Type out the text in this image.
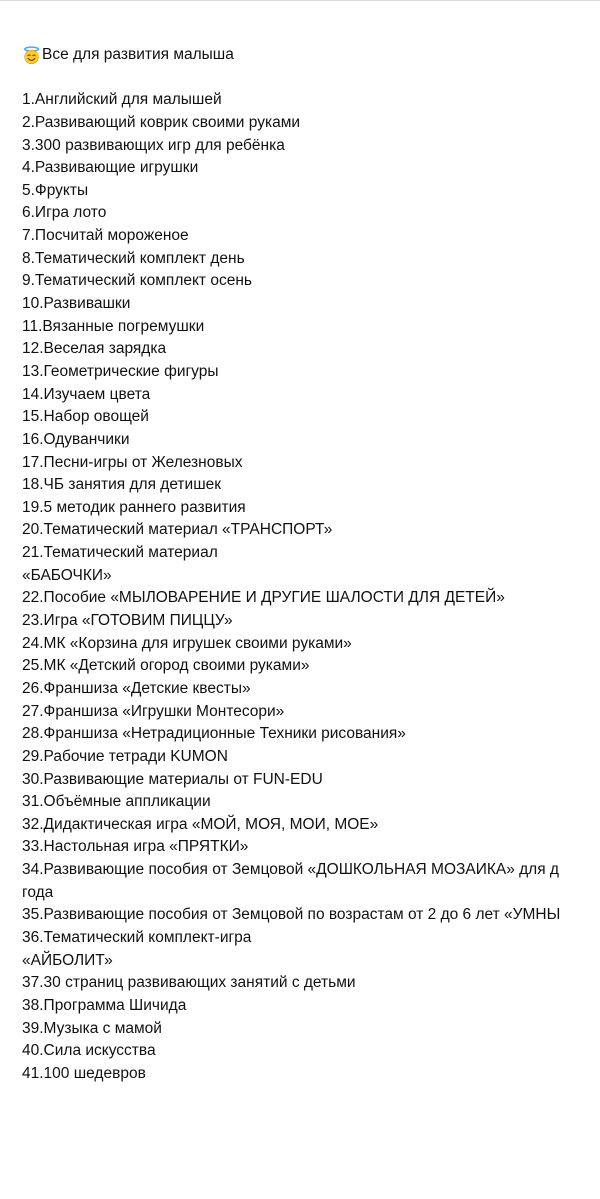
Все для развития малыша
1.Английский для малышей
2.Развивающий коврик своими руками
3.300 развивающих игр для ребёнка
4.Развивающие игрушки
5.Фрукты
6.Игра лото
7.Посчитай мороженое
8.Тематический комплект день
9.Тематический комплект осень
10.Развивашки
11.Вязанные погремушки
12.Веселая зарядка
13.Геометрические фигуры
14.Изучаем цвета
15.Набор овощей
16.Одуванчики
17.Песни-игры от Железновых
18.ЧБ занятия для детишек
19.5 методик раннего развития
20.Тематический материал «ТРАНСПОРТ»
21.Тематический материал
«БАБОЧКИ»
22.Пособие «МЫЛОВАРЕНИЕ И ДРУГИЕ ШАЛОСТИ ДЛЯ ДЕТЕЙ»
23.Игра «ГОТОВИМ ПИЦЦУ»
24.МК «Корзина для игрушек своими руками»
25.МК «Детский огород своими руками»
26.Франшиза «Детские квесты»
27.Франшиза «Игрушки Монтесори»
28.Франшиза «Нетрадиционные Техники рисования»
29.Рабочие тетради KUMON
30.Развивающие материалы от FUN-EDU
31.Объёмные аппликации
32.Дидактическая игра «МОЙ, МОЯ, МОИ, МОЕ»
33.Настольная игра «ПРЯТКИ»
34.Развивающие пособия от Земцовой «ДОШКОЛЬНАЯ МОЗАИКА» для д
года
35.Развивающие пособия от Земцовой по возрастам от 2 до 6 лет «УМНЫ
36.Тематический комплект-игра
«АЙБОЛИТ»
37.30 страниц развивающих занятий с детьми
38.Программа Шичида
39.Музыка с мамой
40.Сила искусства
41.100 шедевров
